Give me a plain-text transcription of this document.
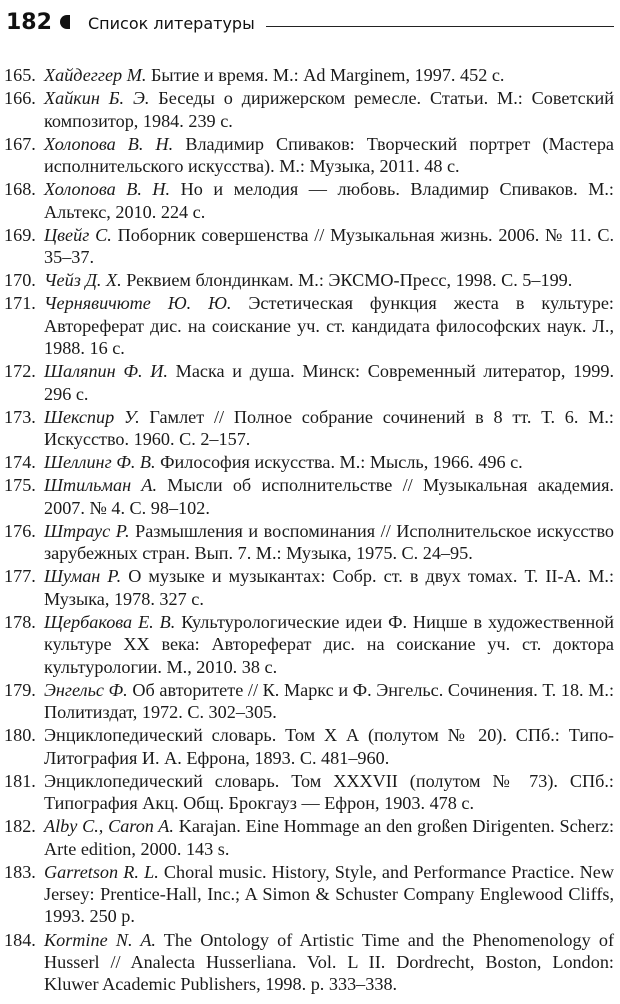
182 Список литературы
165. Хайдеггер М. Бытие и время. М.: Ad Marginem, 1997. 452 с.
166. Хайкин Б. Э. Беседы о дирижерском ремесле. Статьи. М.: Советский композитор, 1984. 239 с.
167. Холопова В. Н. Владимир Спиваков: Творческий портрет (Мастера исполнительского искусства). М.: Музыка, 2011. 48 с.
168. Холопова В. Н. Но и мелодия — любовь. Владимир Спиваков. М.: Альтекс, 2010. 224 с.
169. Цвейг С. Поборник совершенства // Музыкальная жизнь. 2006. № 11. С. 35–37.
170. Чейз Д. Х. Реквием блондинкам. М.: ЭКСМО-Пресс, 1998. С. 5–199.
171. Чернявичюте Ю. Ю. Эстетическая функция жеста в культуре: Автореферат дис. на соискание уч. ст. кандидата философских наук. Л., 1988. 16 с.
172. Шаляпин Ф. И. Маска и душа. Минск: Современный литератор, 1999. 296 с.
173. Шекспир У. Гамлет // Полное собрание сочинений в 8 тт. Т. 6. М.: Искусство. 1960. С. 2–157.
174. Шеллинг Ф. В. Философия искусства. М.: Мысль, 1966. 496 с.
175. Штильман А. Мысли об исполнительстве // Музыкальная академия. 2007. № 4. С. 98–102.
176. Штраус Р. Размышления и воспоминания // Исполнительское искусство зарубежных стран. Вып. 7. М.: Музыка, 1975. С. 24–95.
177. Шуман Р. О музыке и музыкантах: Собр. ст. в двух томах. Т. II-А. М.: Музыка, 1978. 327 с.
178. Щербакова Е. В. Культурологические идеи Ф. Ницше в художественной культуре XX века: Автореферат дис. на соискание уч. ст. доктора культурологии. М., 2010. 38 с.
179. Энгельс Ф. Об авторитете // К. Маркс и Ф. Энгельс. Сочинения. Т. 18. М.: Политиздат, 1972. С. 302–305.
180. Энциклопедический словарь. Том X А (полутом № 20). СПб.: Типо-Литография И. А. Ефрона, 1893. С. 481–960.
181. Энциклопедический словарь. Том XXXVII (полутом № 73). СПб.: Типография Акц. Общ. Брокгауз — Ефрон, 1903. 478 с.
182. Alby C., Caron A. Karajan. Eine Hommage an den großen Dirigenten. Scherz: Arte edition, 2000. 143 s.
183. Garretson R. L. Choral music. History, Style, and Performance Practice. New Jersey: Prentice-Hall, Inc.; A Simon & Schuster Company Englewood Cliffs, 1993. 250 p.
184. Kormine N. A. The Ontology of Artistic Time and the Phenomenology of Husserl // Analecta Husserliana. Vol. L II. Dordrecht, Boston, London: Kluwer Academic Publishers, 1998. p. 333–338.
